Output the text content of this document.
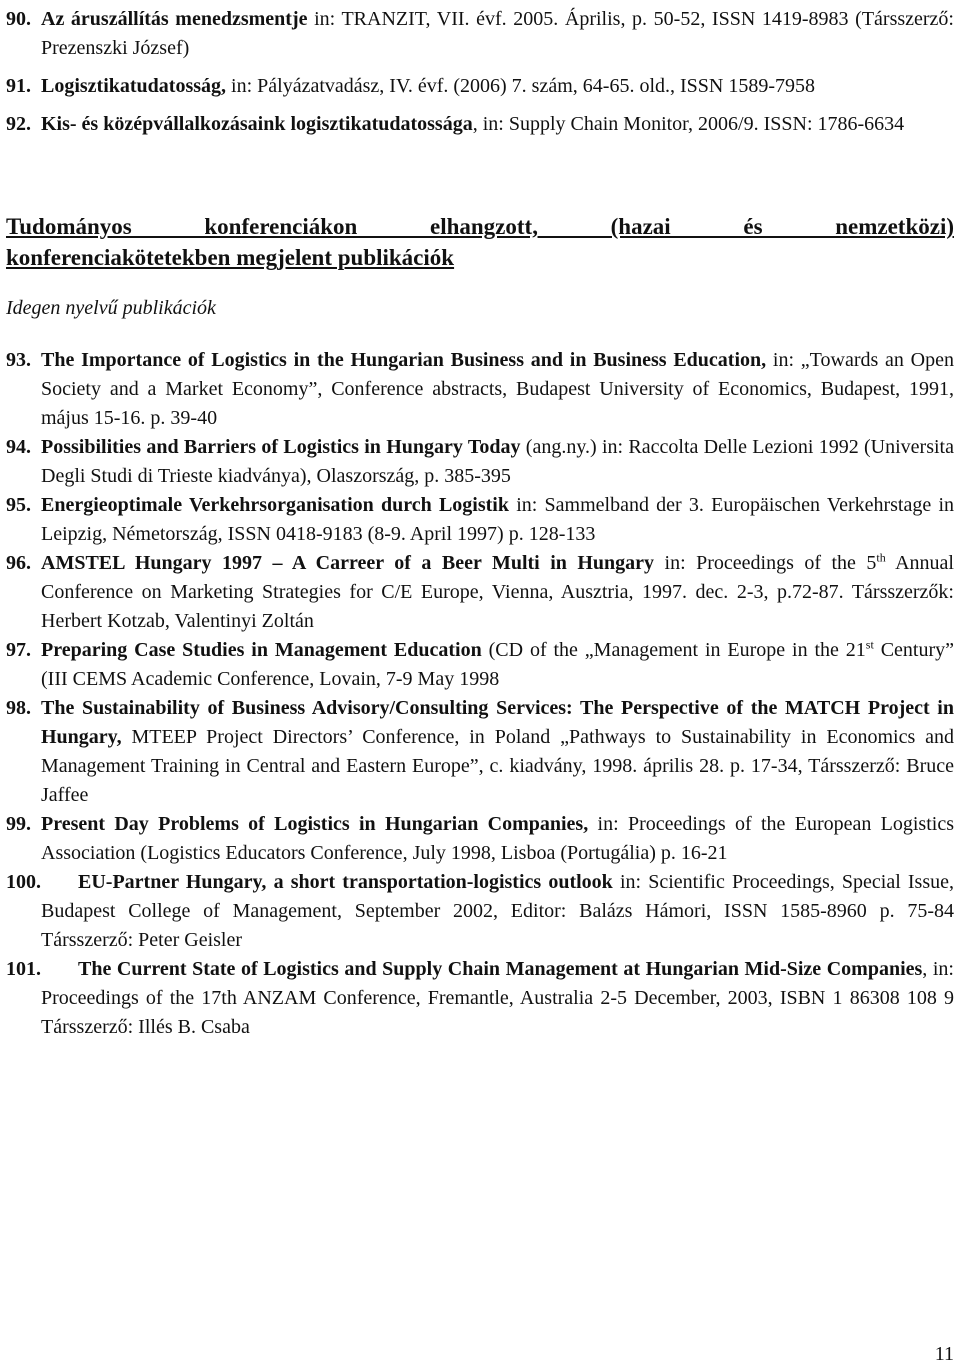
90. Az áruszállítás menedzsmentje in: TRANZIT, VII. évf. 2005. Április, p. 50-52, ISSN 1419-8983 (Társszerző: Prezenszki József)
91. Logisztikatudatosság, in: Pályázatvadász, IV. évf. (2006) 7. szám, 64-65. old., ISSN 1589-7958
92. Kis- és középvállalkozásaink logisztikatudatossága, in: Supply Chain Monitor, 2006/9. ISSN: 1786-6634
Tudományos konferenciákon elhangzott, (hazai és nemzetközi)
konferenciakötetekben megjelent publikációk
Idegen nyelvű publikációk
93. The Importance of Logistics in the Hungarian Business and in Business Education, in: „Towards an Open Society and a Market Economy”, Conference abstracts, Budapest University of Economics, Budapest, 1991, május 15-16. p. 39-40
94. Possibilities and Barriers of Logistics in Hungary Today (ang.ny.) in: Raccolta Delle Lezioni 1992 (Universita Degli Studi di Trieste kiadványa), Olaszország, p. 385-395
95. Energieoptimale Verkehrsorganisation durch Logistik in: Sammelband der 3. Europäischen Verkehrstage in Leipzig, Németország, ISSN 0418-9183 (8-9. April 1997) p. 128-133
96. AMSTEL Hungary 1997 – A Carreer of a Beer Multi in Hungary in: Proceedings of the 5th Annual Conference on Marketing Strategies for C/E Europe, Vienna, Ausztria, 1997. dec. 2-3, p.72-87. Társszerzők: Herbert Kotzab, Valentinyi Zoltán
97. Preparing Case Studies in Management Education (CD of the „Management in Europe in the 21st Century” (III CEMS Academic Conference, Lovain, 7-9 May 1998
98. The Sustainability of Business Advisory/Consulting Services: The Perspective of the MATCH Project in Hungary, MTEEP Project Directors’ Conference, in Poland „Pathways to Sustainability in Economics and Management Training in Central and Eastern Europe”, c. kiadvány, 1998. április 28. p. 17-34, Társszerző: Bruce Jaffee
99. Present Day Problems of Logistics in Hungarian Companies, in: Proceedings of the European Logistics Association (Logistics Educators Conference, July 1998, Lisboa (Portugália) p. 16-21
100.	EU-Partner Hungary, a short transportation-logistics outlook in: Scientific Proceedings, Special Issue, Budapest College of Management, September 2002, Editor: Balázs Hámori, ISSN 1585-8960 p. 75-84 Társszerző: Peter Geisler
101.	The Current State of Logistics and Supply Chain Management at Hungarian Mid-Size Companies, in: Proceedings of the 17th ANZAM Conference, Fremantle, Australia 2-5 December, 2003, ISBN 1 86308 108 9 Társszerző: Illés B. Csaba
11
